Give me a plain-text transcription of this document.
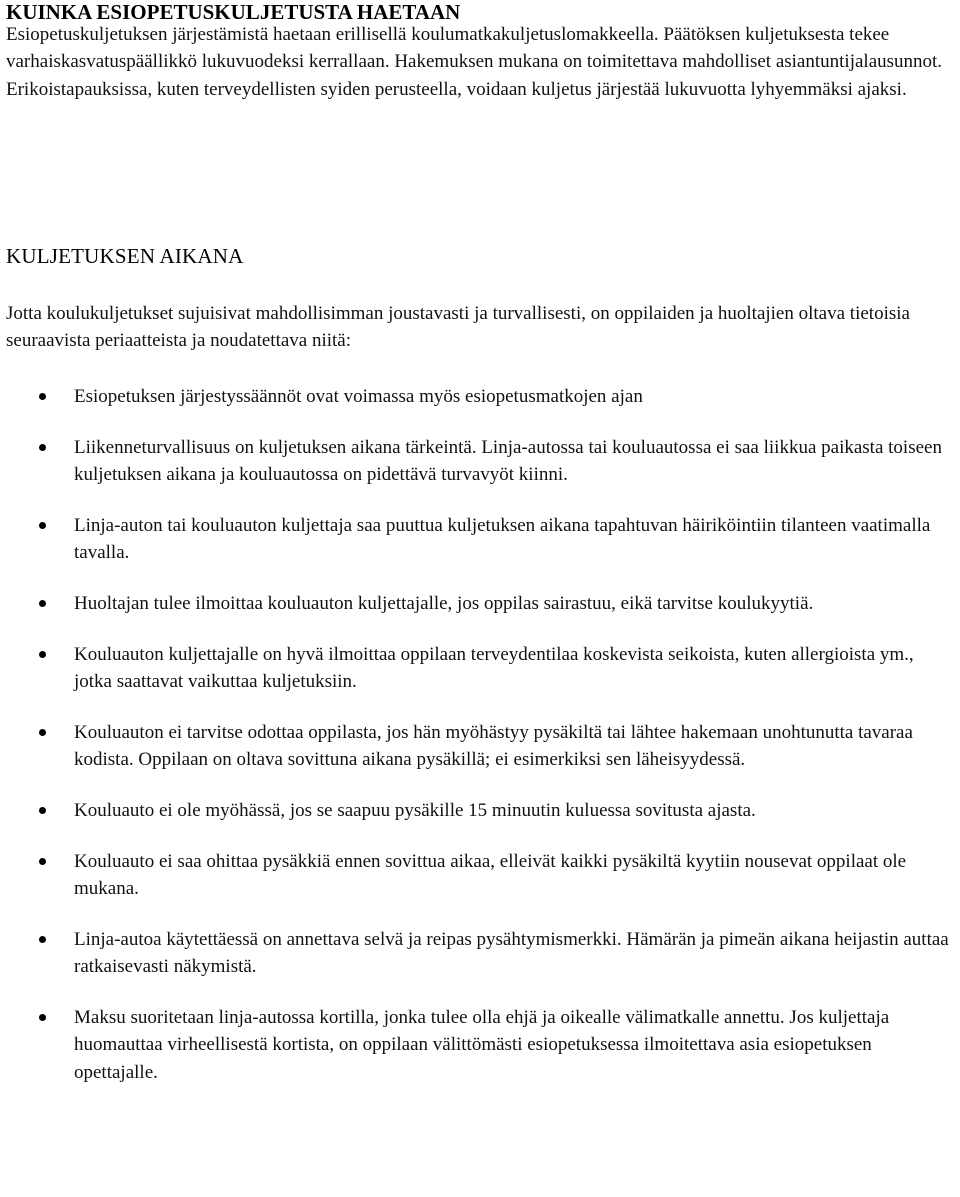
KUINKA ESIOPETUSKULJETUSTA HAETAAN

Esiopetuskuljetuksen järjestämistä haetaan erillisellä koulumatkakuljetuslomakkeella. Päätöksen kuljetuksesta tekee varhaiskasvatuspäällikkö lukuvuodeksi kerrallaan. Hakemuksen mukana on toimitettava mahdolliset asiantuntijalausunnot. Erikoistapauksissa, kuten terveydellisten syiden perusteella, voidaan kuljetus järjestää lukuvuotta lyhyemmäksi ajaksi.

KULJETUKSEN AIKANA

Jotta koulukuljetukset sujuisivat mahdollisimman joustavasti ja turvallisesti, on oppilaiden ja huoltajien oltava tietoisia seuraavista periaatteista ja noudatettava niitä:

Esiopetuksen järjestyssäännöt ovat voimassa myös esiopetusmatkojen ajan
Liikenneturvallisuus on kuljetuksen aikana tärkeintä. Linja-autossa tai kouluautossa ei saa liikkua paikasta toiseen kuljetuksen aikana ja kouluautossa on pidettävä turvavyöt kiinni.
Linja-auton tai kouluauton kuljettaja saa puuttua kuljetuksen aikana tapahtuvan häiriköintiin tilanteen vaatimalla tavalla.
Huoltajan tulee ilmoittaa kouluauton kuljettajalle, jos oppilas sairastuu, eikä tarvitse koulukyytiä.
Kouluauton kuljettajalle on hyvä ilmoittaa oppilaan terveydentilaa koskevista seikoista, kuten allergioista ym., jotka saattavat vaikuttaa kuljetuksiin.
Kouluauton ei tarvitse odottaa oppilasta, jos hän myöhästyy pysäkiltä tai lähtee hakemaan unohtunutta tavaraa kodista. Oppilaan on oltava sovittuna aikana pysäkillä; ei esimerkiksi sen läheisyydessä.
Kouluauto ei ole myöhässä, jos se saapuu pysäkille 15 minuutin kuluessa sovitusta ajasta.
Kouluauto ei saa ohittaa pysäkkiä ennen sovittua aikaa, elleivät kaikki pysäkiltä kyytiin nousevat oppilaat ole mukana.
Linja-autoa käytettäessä on annettava selvä ja reipas pysähtymismerkki. Hämärän ja pimeän aikana heijastin auttaa ratkaisevasti näkymistä.
Maksu suoritetaan linja-autossa kortilla, jonka tulee olla ehjä ja oikealle välimatkalle annettu. Jos kuljettaja huomauttaa virheellisestä kortista, on oppilaan välittömästi esiopetuksessa ilmoitettava asia esiopetuksen opettajalle.
